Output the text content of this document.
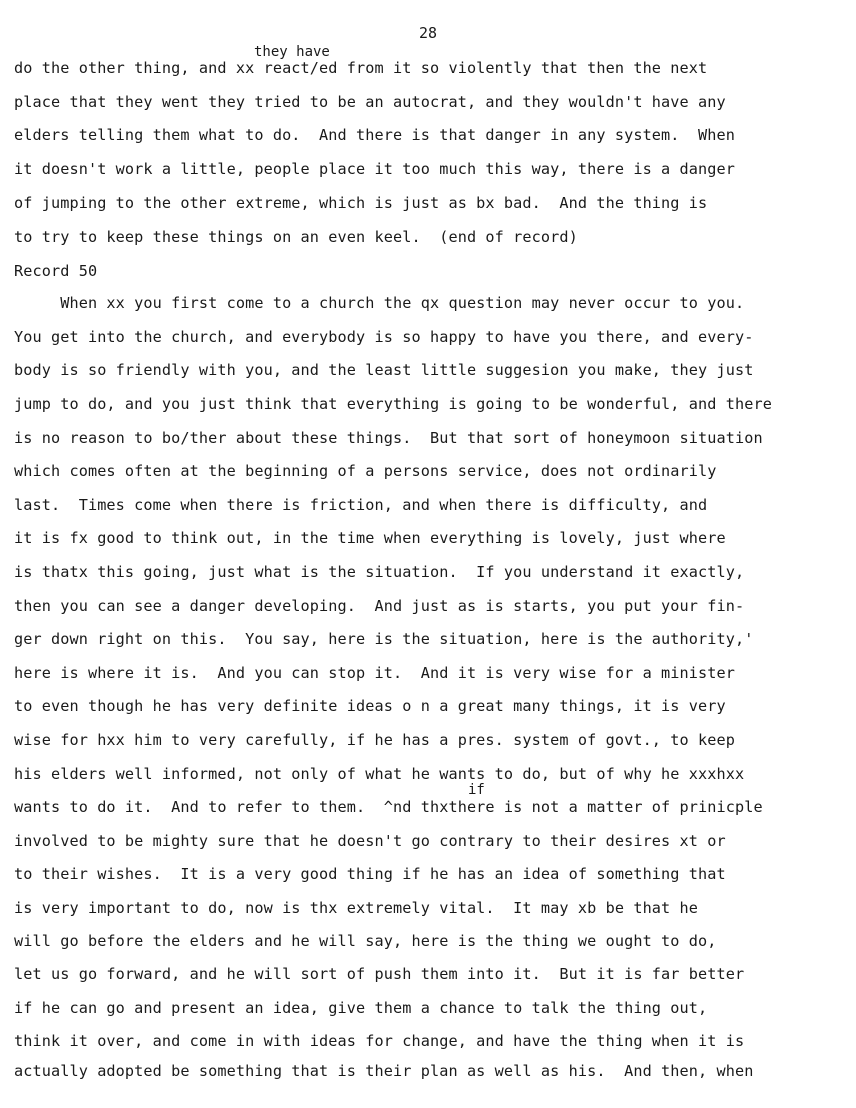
28
they have
if
do the other thing, and xx react/ed from it so violently that then the next
place that they went they tried to be an autocrat, and they wouldn't have any
elders telling them what to do.  And there is that danger in any system.  When
it doesn't work a little, people place it too much this way, there is a danger
of jumping to the other extreme, which is just as bx bad.  And the thing is
to try to keep these things on an even keel.  (end of record)
Record 50
When xx you first come to a church the qx question may never occur to you.
You get into the church, and everybody is so happy to have you there, and every-
body is so friendly with you, and the least little suggesion you make, they just
jump to do, and you just think that everything is going to be wonderful, and there
is no reason to bo/ther about these things.  But that sort of honeymoon situation
which comes often at the beginning of a persons service, does not ordinarily
last.  Times come when there is friction, and when there is difficulty, and
it is fx good to think out, in the time when everything is lovely, just where
is thatx this going, just what is the situation.  If you understand it exactly,
then you can see a danger developing.  And just as is starts, you put your fin-
ger down right on this.  You say, here is the situation, here is the authority,'
here is where it is.  And you can stop it.  And it is very wise for a minister
to even though he has very definite ideas o n a great many things, it is very
wise for hxx him to very carefully, if he has a pres. system of govt., to keep
his elders well informed, not only of what he wants to do, but of why he xxxhxx
wants to do it.  And to refer to them.  ^nd thxthere is not a matter of prinicple
involved to be mighty sure that he doesn't go contrary to their desires xt or
to their wishes.  It is a very good thing if he has an idea of something that
is very important to do, now is thx extremely vital.  It may xb be that he
will go before the elders and he will say, here is the thing we ought to do,
let us go forward, and he will sort of push them into it.  But it is far better
if he can go and present an idea, give them a chance to talk the thing out,
think it over, and come in with ideas for change, and have the thing when it is
actually adopted be something that is their plan as well as his.  And then, when
